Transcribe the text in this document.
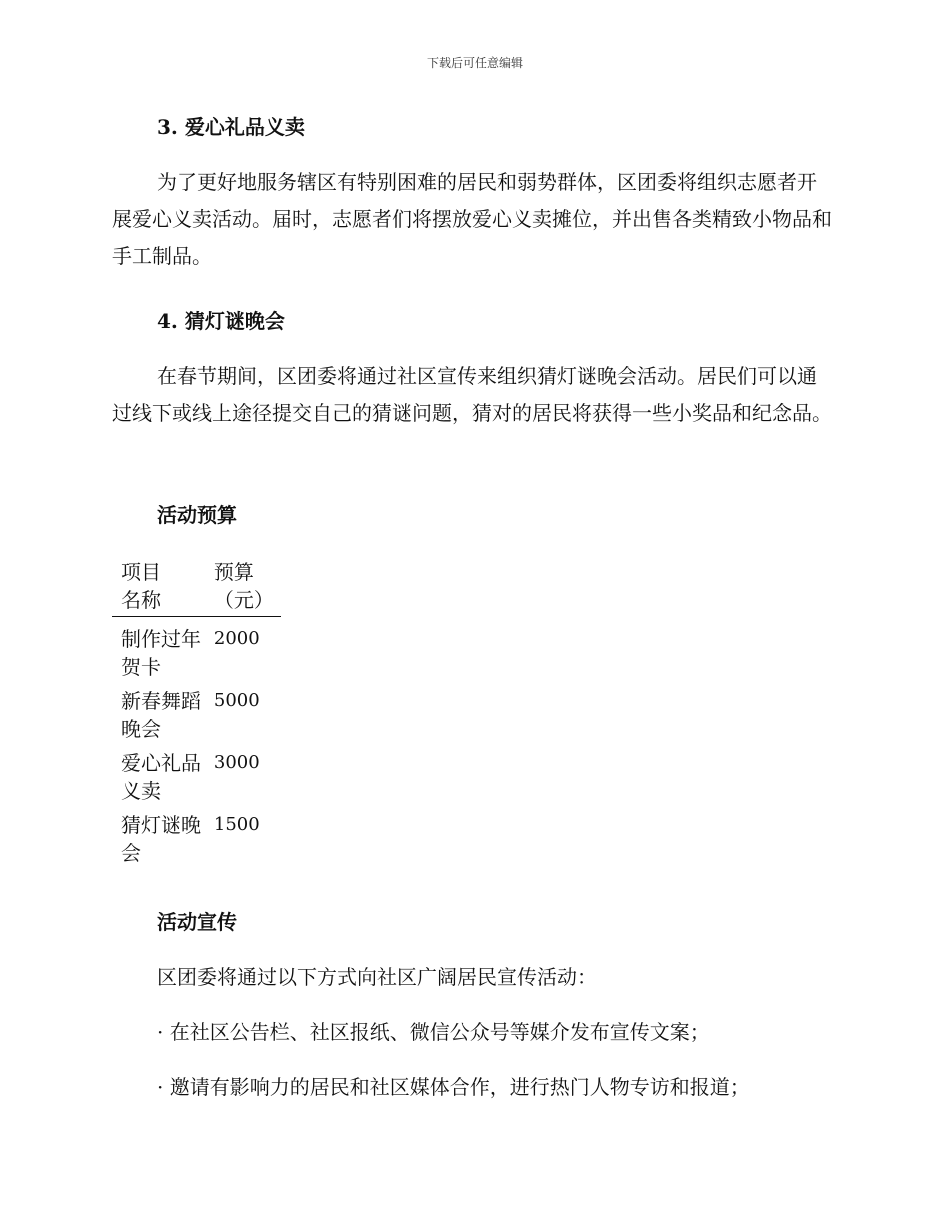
下载后可任意编辑
3. 爱心礼品义卖
为了更好地服务辖区有特别困难的居民和弱势群体，区团委将组织志愿者开展爱心义卖活动。届时，志愿者们将摆放爱心义卖摊位，并出售各类精致小物品和手工制品。
4. 猜灯谜晚会
在春节期间，区团委将通过社区宣传来组织猜灯谜晚会活动。居民们可以通过线下或线上途径提交自己的猜谜问题，猜对的居民将获得一些小奖品和纪念品。
活动预算
项目名称	预算（元）

制作过年贺卡	2000
新春舞蹈晚会	5000
爱心礼品义卖	3000
猜灯谜晚会	1500
活动宣传
区团委将通过以下方式向社区广阔居民宣传活动：
· 在社区公告栏、社区报纸、微信公众号等媒介发布宣传文案；
· 邀请有影响力的居民和社区媒体合作，进行热门人物专访和报道；
